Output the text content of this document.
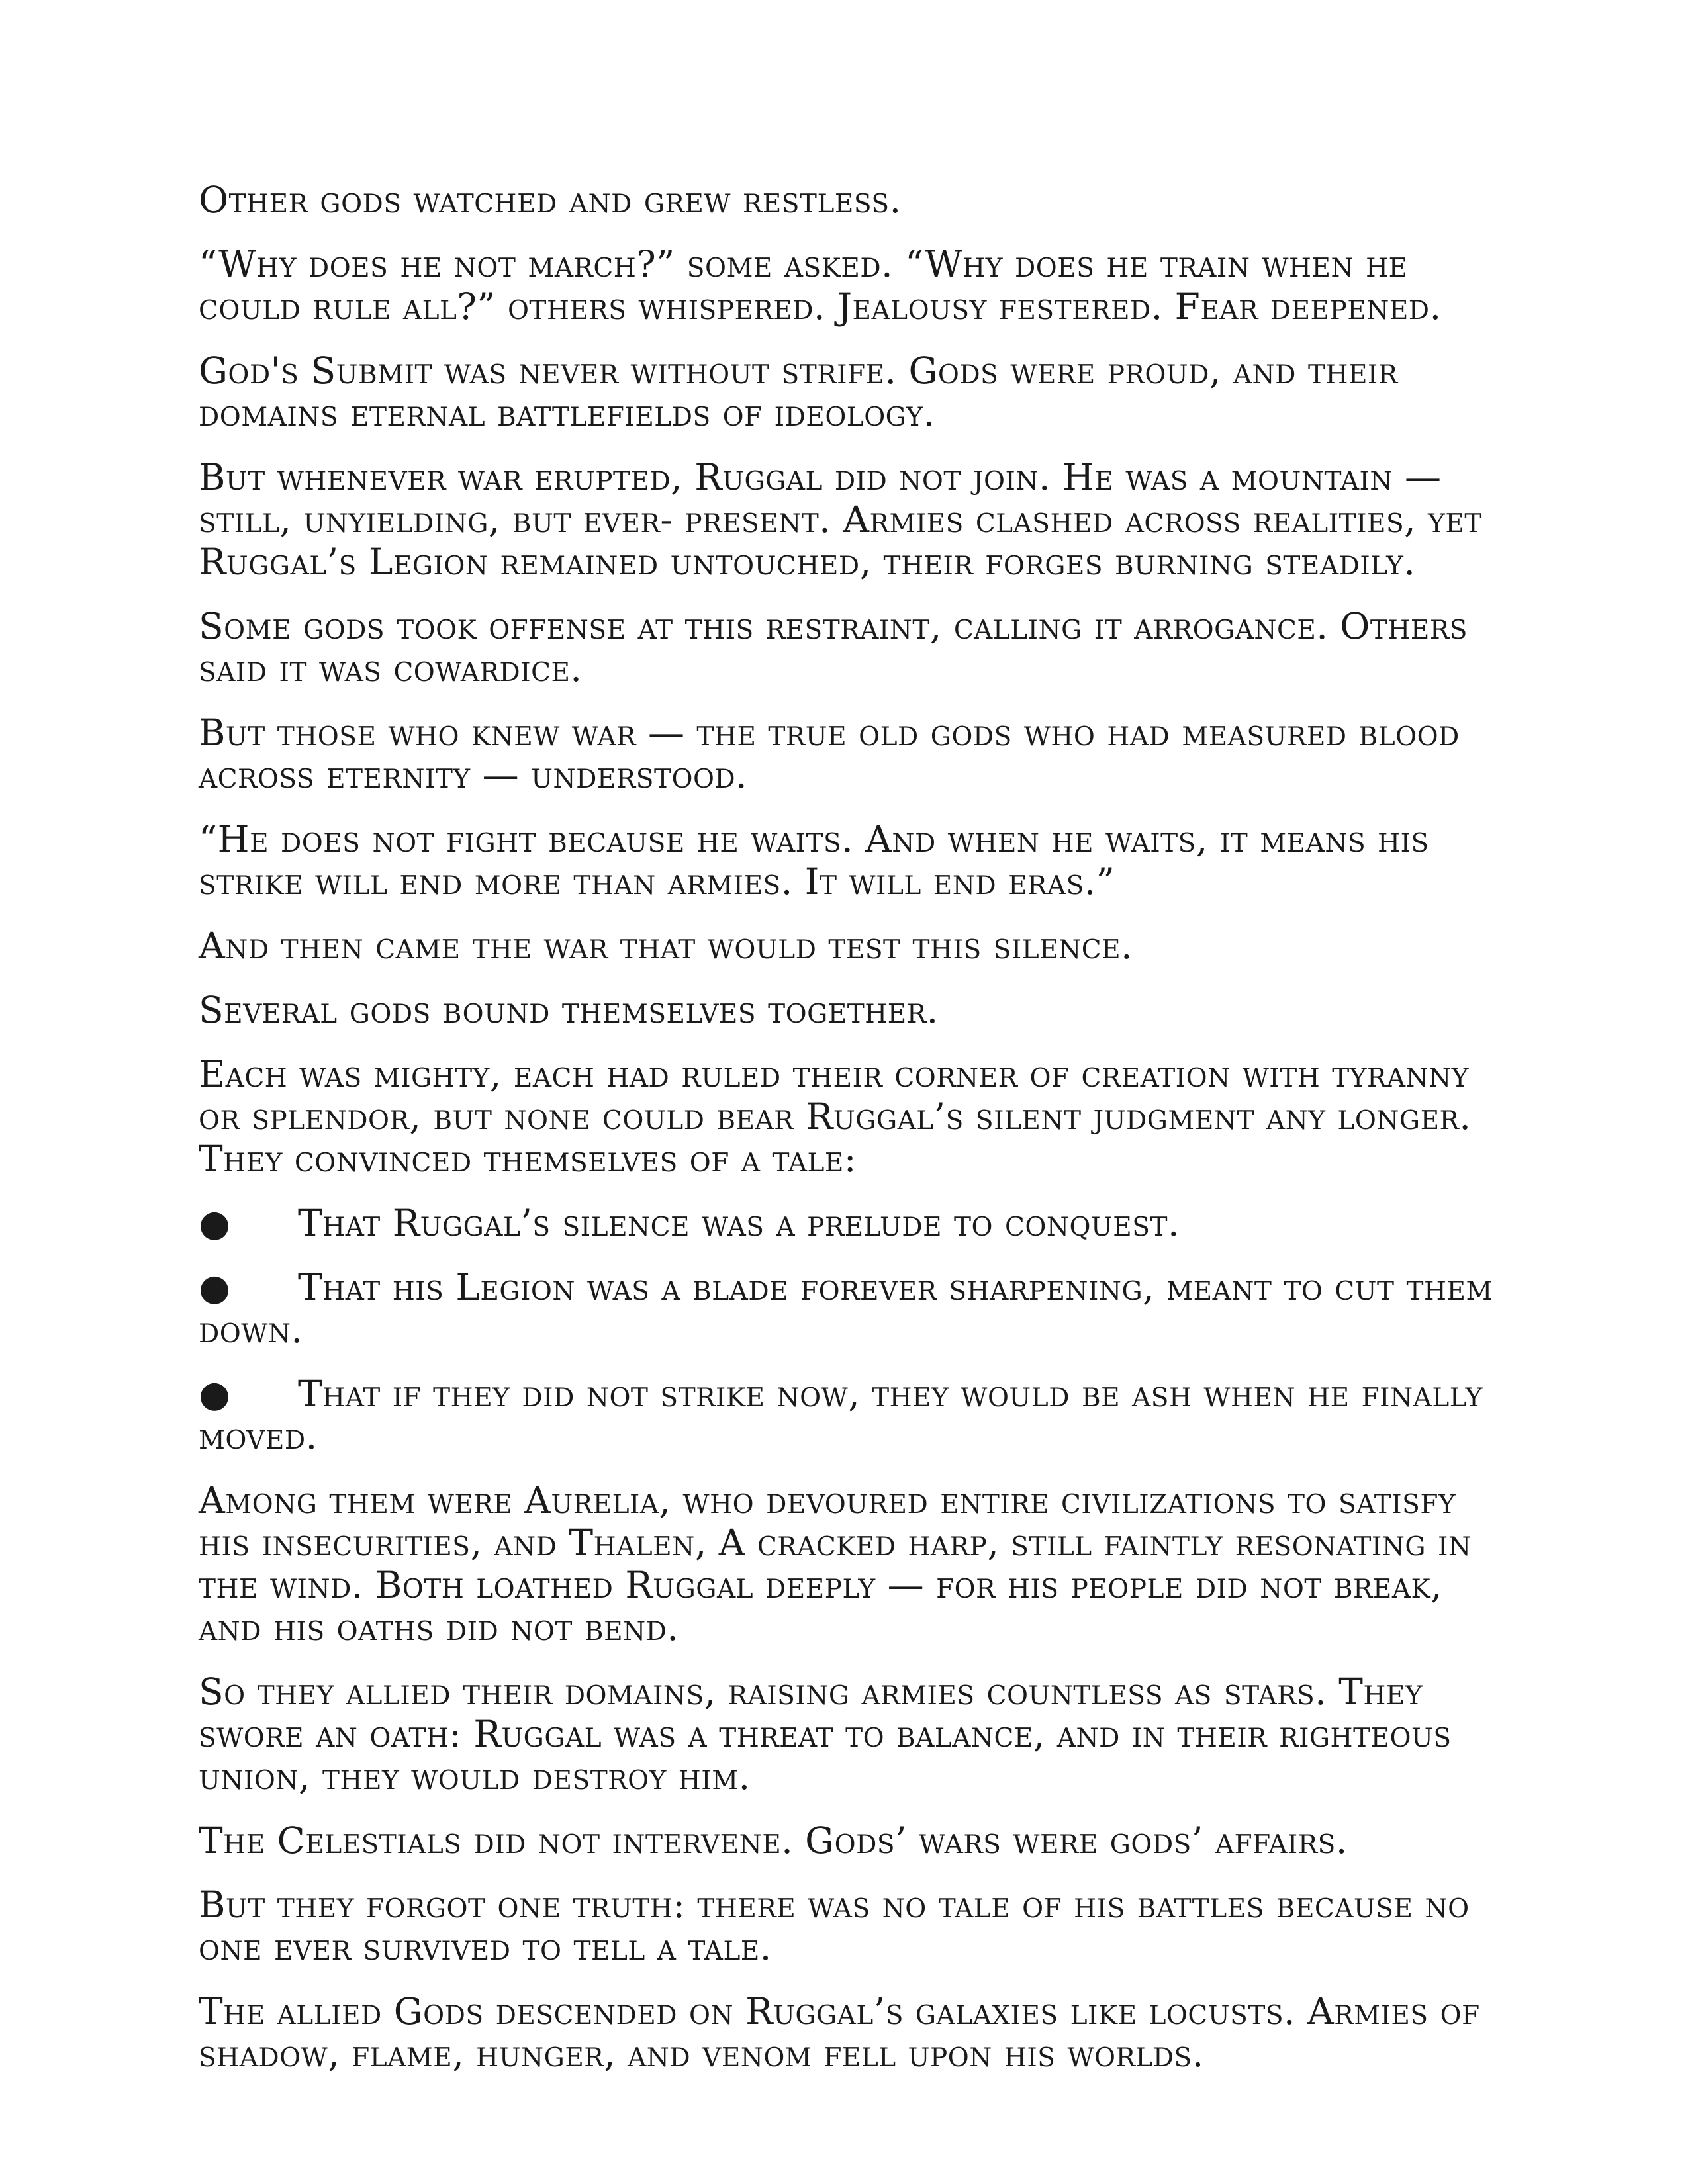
Other gods watched and grew restless.

“Why does he not march?” some asked. “Why does he train when he could rule all?” others whispered. Jealousy festered. Fear deepened.

God's Submit was never without strife. Gods were proud, and their domains eternal battlefields of ideology.

But whenever war erupted, Ruggal did not join. He was a mountain — still, unyielding, but ever- present. Armies clashed across realities, yet Ruggal’s Legion remained untouched, their forges burning steadily.

Some gods took offense at this restraint, calling it arrogance. Others said it was cowardice.

But those who knew war — the true old gods who had measured blood across eternity — understood.

“He does not fight because he waits. And when he waits, it means his strike will end more than armies. It will end eras.”

And then came the war that would test this silence.

Several gods bound themselves together.

Each was mighty, each had ruled their corner of creation with tyranny or splendor, but none could bear Ruggal’s silent judgment any longer. They convinced themselves of a tale:

● That Ruggal’s silence was a prelude to conquest.

● That his Legion was a blade forever sharpening, meant to cut them down.

● That if they did not strike now, they would be ash when he finally moved.

Among them were Aurelia, who devoured entire civilizations to satisfy his insecurities, and Thalen, A cracked harp, still faintly resonating in the wind. Both loathed Ruggal deeply — for his people did not break, and his oaths did not bend.

So they allied their domains, raising armies countless as stars. They swore an oath: Ruggal was a threat to balance, and in their righteous union, they would destroy him.

The Celestials did not intervene. Gods’ wars were gods’ affairs.

But they forgot one truth: there was no tale of his battles because no one ever survived to tell a tale.

The allied Gods descended on Ruggal’s galaxies like locusts. Armies of shadow, flame, hunger, and venom fell upon his worlds.
